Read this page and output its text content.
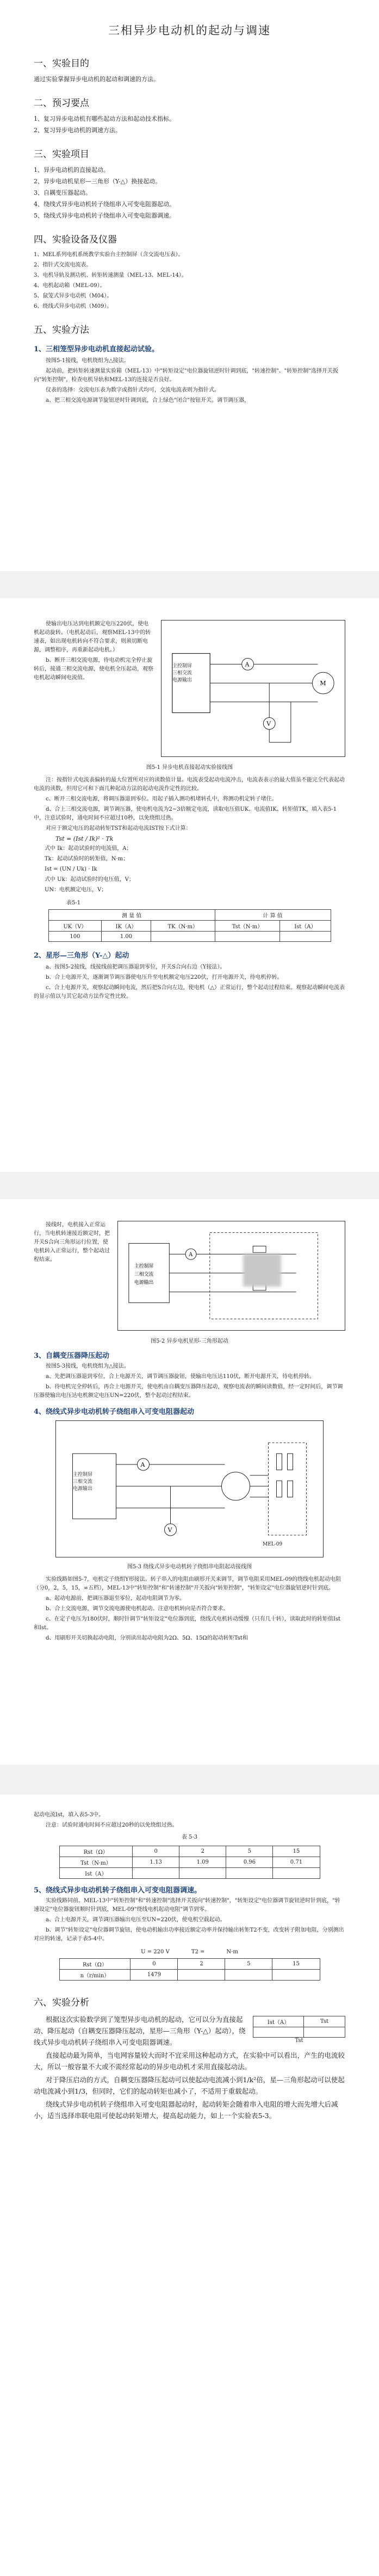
三相异步电动机的起动与调速
一、实验目的

通过实验掌握异步电动机的起动和调速的方法。

二、预习要点

1、复习异步电动机有哪些起动方法和起动技术指标。

2、复习异步电动机的调速方法。

三、实验项目

1、异步电动机的直接起动。

2、异步电动机星形—三角形（Y-△）换接起动。

3、自耦变压器起动。

4、绕线式异步电动机转子绕组串入可变电阻器起动。

5、绕线式异步电动机转子绕组串入可变电阻器调速。

四、实验设备及仪器

1、MEL系列电机系统教学实验台主控制屏（含交流电压表）。

2、指针式交流电流表。

3、电机导轨及测功机、转矩转速测量（MEL-13、MEL-14）。

4、电机起动箱（MEL-09）。

5、鼠笼式异步电动机（M04）。

6、绕线式异步电动机（M09）。

五、实验方法
1、三相笼型异步电动机直接起动试验。

按图5-1接线，电机绕组为△接法。

起动前，把转矩转速测量实验箱（MEL-13）中"转矩设定"电位器旋钮逆时针调到底，"转速控制"、"转矩控制"选择开关扳向"转矩控制"，检查电机导轨和MEL-13的连接是否良好。

仪表的选择：交流电压表为数字或指针式均可，交流电流表则为指针式。

a、把三相交流电源调节旋钮逆时针调到底，合上绿色"闭合"按钮开关。调节调压器，

使输出电压达到电机额定电压220伏，使电机起动旋转。（电机起动后，观察MEL-13中的转速表，如出现电机转向不符合要求，则须切断电源，调整相序，再重新起动电机。）

b、断开三相交流电源，待电动机完全停止旋转后，接通三相交流电源，使电机全压起动，观察电机起动瞬间电流值。

A
V
M
主控制屏
三相交流
电源输出
图5-1 异步电机直接起动实验接线图

注：按指针式电流表偏转的最大位置所对应的读数值计量。电流表受起动电流冲击，电流表表示的最大值虽不能完全代表起动电流的读数，但用它可和下面几种起动方法的起动电流作定性的比较。

c、断开三相交流电源，将调压器退到零位。用起子插入测功机堵转孔中，将测功机定转子堵住。

d、合上三相交流电源，调节调压器，使电机电流为2~3倍额定电流，读取电压值UK、电流值IK、转矩值TK，填入表5-1中，注意试验时，通电时间不应超过10秒，以免绕组过热。

对应于额定电压的起动转矩TST和起动电流IST按下式计算：

Tst = (Ist / Ik)² · Tk

式中 Ik：起动试验时的电流值，A；

Tk：起动试验时的转矩值，N·m；

Ist = (UN / Uk) · Ik

式中 Uk：起动试验时的电压值，V；

UN：电机额定电压，V；

表5-1
测 量 值			计 算 值	
UK（V）	IK（A）	TK（N·m）	Tst（N·m）	Ist（A）
100	1.00			
2、星形—三角形（Y-△）起动

a、按图5-2接线，线接线前把调压器退到零位，开关S合向右边（Y接法）。

b、合上电源开关，逐渐调节调压器使电压升至电机额定电压220伏，打开电源开关，待电机停转。

c、合上电源开关，观察起动瞬间电流，然后把S合向左边，使电机（△）正常运行，整个起动过程结束。观察起动瞬间电流表的显示值以与其它起动方法作定性比较。

接线时，电机接入正常运行，当电机转速接近额定时，把开关S合向三角形运行位置，使电机转入正常运行，整个起动过程结束。

主控制屏
三相交流
电源输出
A
图5-2 异步电机星形-三角形起动
3、自耦变压器降压起动

按图5-3接线，电机绕组为△接法。

a、先把调压器退到零位，合上电源开关，调节调压器旋钮，使输出电压达110伏，断开电源开关，待电机停转。

b、待电机完全停转后，再合上电源开关，使电机由自耦变压器降压起动，观察电流表的瞬间读数值，经一定时间后，调节调压器使输出电压达电机额定电压UN=220伏，整个起动过程结束。

4、绕线式异步电动机转子绕组串入可变电阻器起动
A
V
主控制屏
三相交流
电源输出
MEL-09
图5-3 绕线式异步电动机转子绕组串电阻起动接线图

实验线路如图5-7，电机定子绕组Y形接法。转子串入的电阻由刷形开关来调节，调节电阻采用MEL-09的绕线电机起动电阻（分0，2，5，15，∞五档），MEL-13中"转矩控制"和"转速控制"开关扳向"转矩控制"，"转矩设定"电位器旋钮逆时针到底。

a、起动电源前，把调压器退至零位，起动电阻调节为零。

b、合上交流电源，调节交流电源使电机起动。注意电机转向是否符合要求。

c、在定子电压为180伏时，顺时针调节"转矩设定"电位器到底，绕线式电机转动缓慢（只有几十转），读取此时的转矩值Ist和Ist。

d、用刷形开关切换起动电阻，分别读出起动电阻为2Ω、5Ω、15Ω的起动转矩Tst和

起动电流Ist，填入表5-3中。

注意：试验时通电时间不应超过20秒的以免绕组过热。

表 5-3
Rst（Ω）	0	2	5	15
Tst（N·m）	1.13	1.09	0.96	0.71
Ist（A）				
5、绕线式异步电动机转子绕组串入可变电阻器调速。

实验线路同前。MEL-13中"转矩控制"和"转速控制"选择开关扳向"转速控制"，"转矩设定"电位器调节旋钮逆时针到底，"转速设定"电位器旋钮顺时针到底，MEL-09"绕线电机起动电阻"调节到零。

a、合上电源开关，调节调压器输出电压至UN=220伏，使电机空载起动。

b、调节"转矩设定"电位器调节旋钮，使电动机输出功率接近额定功率并保持输出转矩T2不变，改变转子附加电阻，分别测出对应的转速，记录于表5-4中。

U = 220 V	T2 =	N·m
Rst（Ω）	0	2	5	15
n（r/min）	1479			
六、实验分析
Ist（A）	Tst

Tst

根据这次实验数学到了笼型异步电动机的起动，它可以分为直接起动、降压起动（自耦变压器降压起动，星形—三角形（Y-△）起动），绕线式异步电动机转子绕组串入可变电阻器调速。

直接起动最为简单，当电网容量较大而时不宜采用这种起动方式，在实验中可以看出，产生的电流较大，所以一般容量不大或不需经常起动的异步电动机才采用直接起动法。

对于降压启动的方式，自耦变压器降压起动可以使起动电流减小到1/k²倍，星—三角形起动可以使起动电流减小到1/3，但同时，它们的起动转矩也减小了，不适用于重载起动。

绕线式异步电动机转子绕组串入可变电阻器起动时，起动转矩会随着串入电阻的增大而先增大后减小，适当选择串联电阻可使起动转矩增大，提高起动能力，如上一个实验表5-3。
